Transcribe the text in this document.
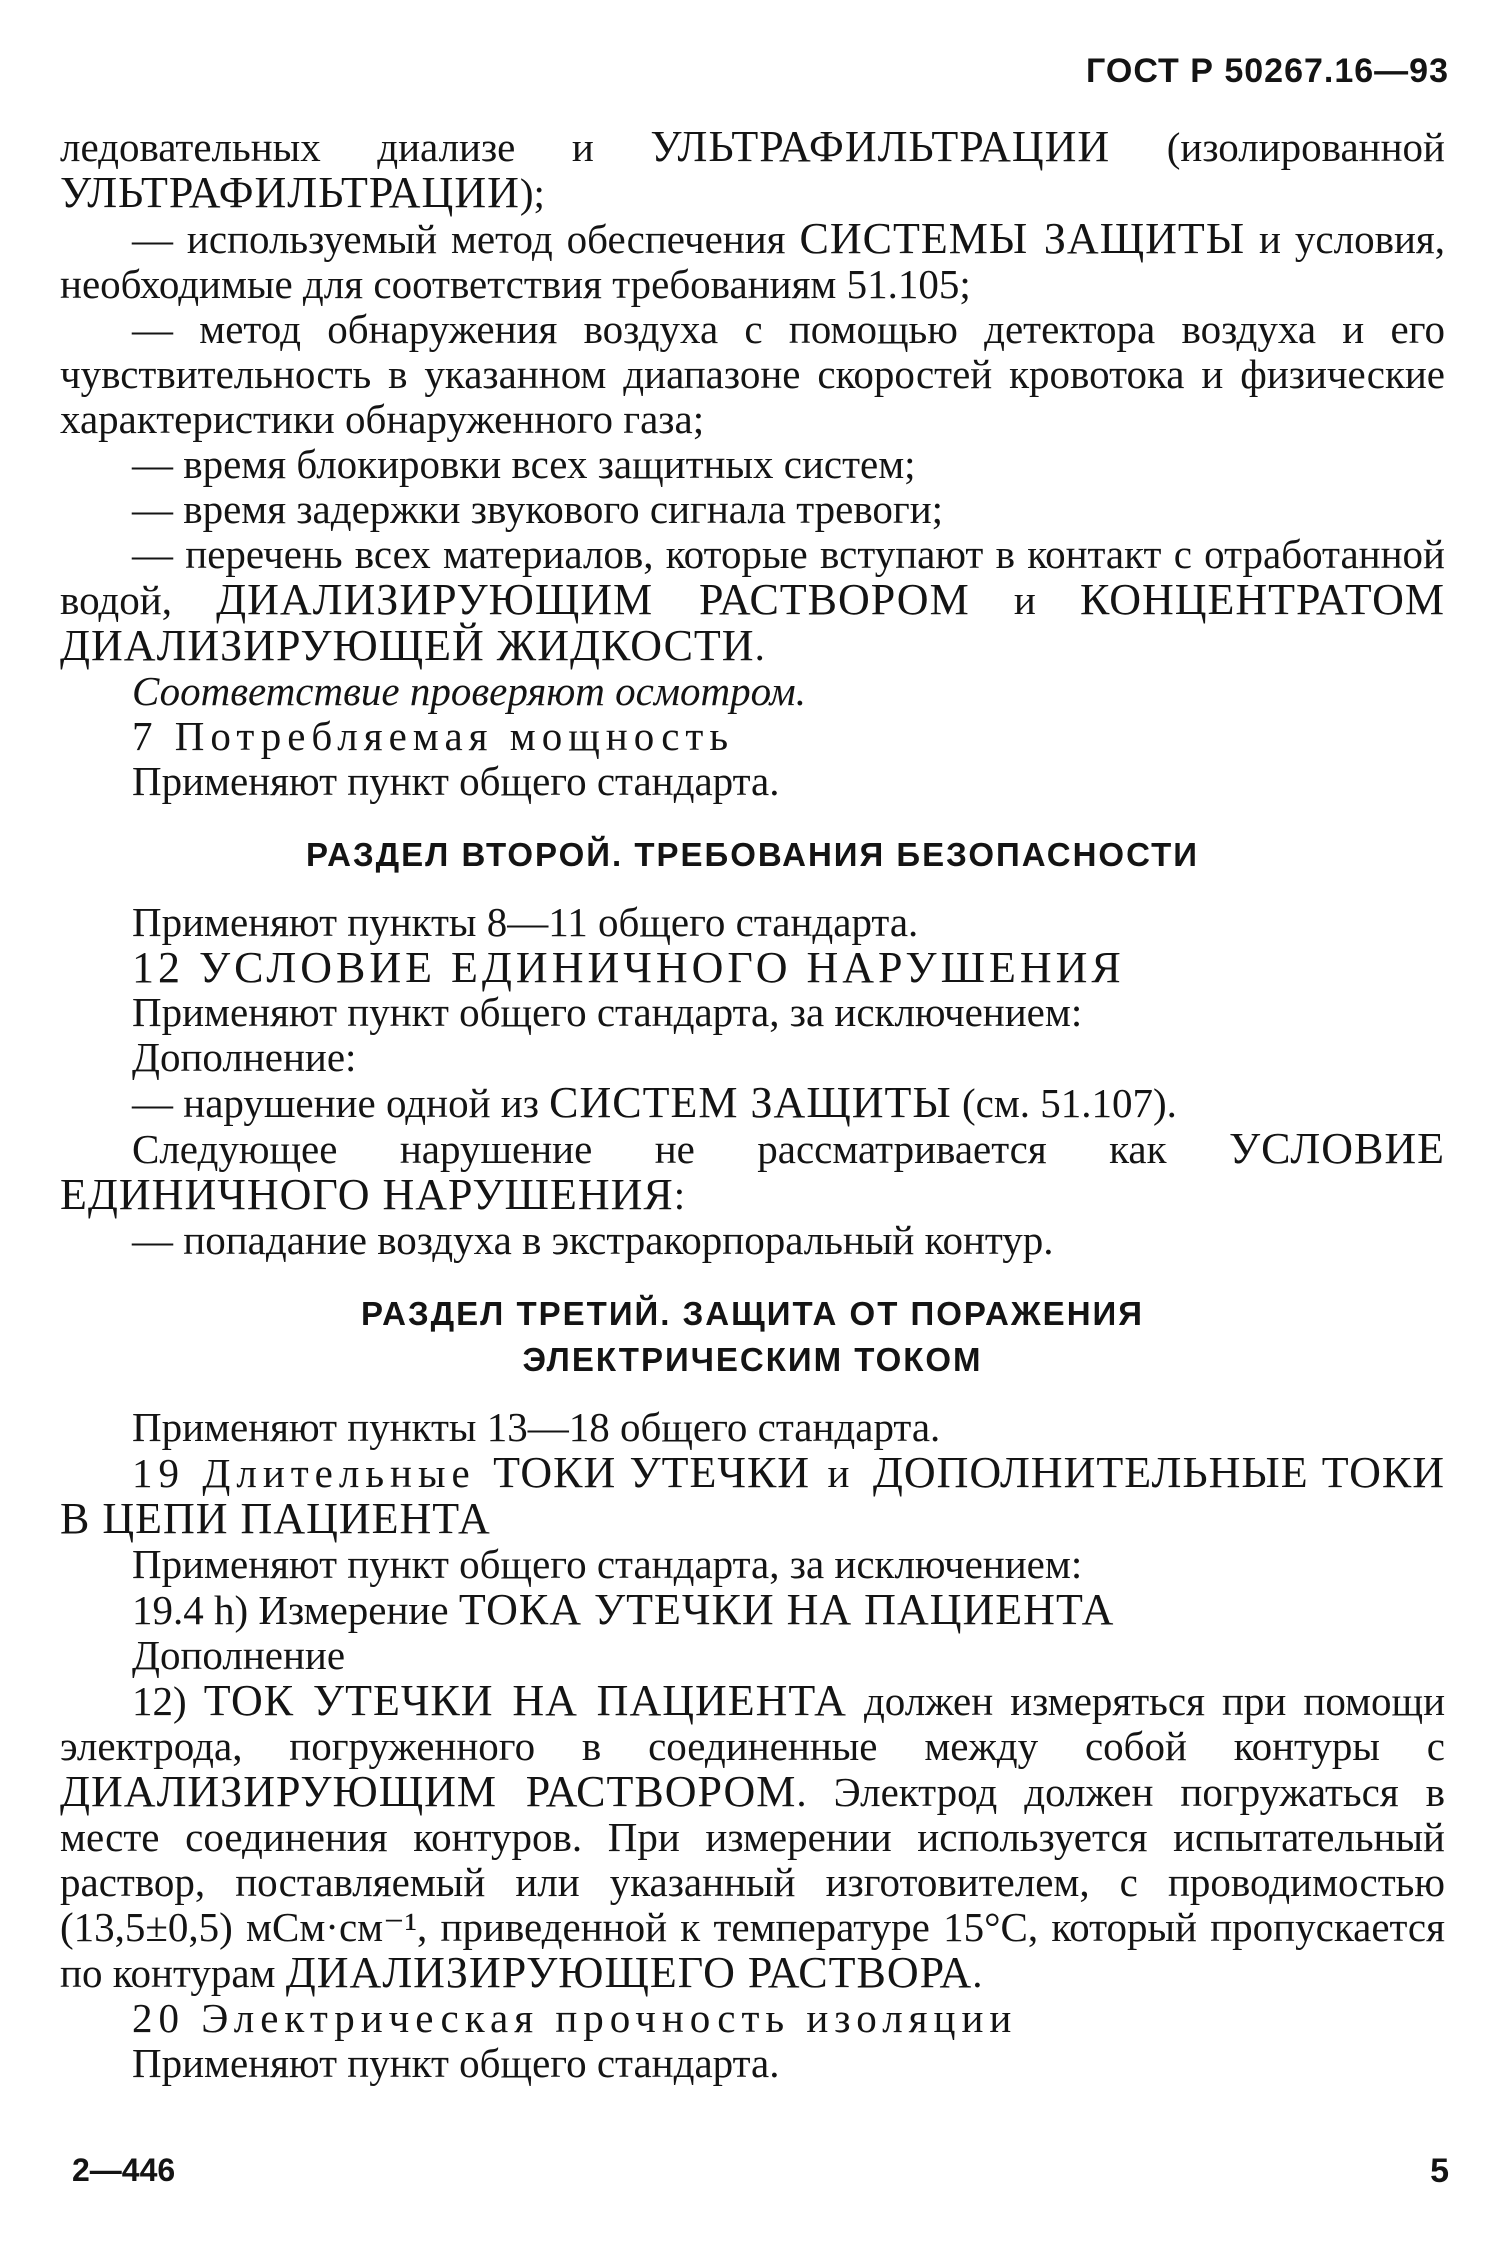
ГОСТ Р 50267.16—93

ледовательных диализе и УЛЬТРАФИЛЬТРАЦИИ (изолированной УЛЬТРАФИЛЬТРАЦИИ);

— используемый метод обеспечения СИСТЕМЫ ЗАЩИТЫ и условия, необходимые для соответствия требованиям 51.105;

— метод обнаружения воздуха с помощью детектора воздуха и его чувствительность в указанном диапазоне скоростей кровотока и физические характеристики обнаруженного газа;

— время блокировки всех защитных систем;

— время задержки звукового сигнала тревоги;

— перечень всех материалов, которые вступают в контакт с отработанной водой, ДИАЛИЗИРУЮЩИМ РАСТВОРОМ и КОНЦЕНТРАТОМ ДИАЛИЗИРУЮЩЕЙ ЖИДКОСТИ.

Соответствие проверяют осмотром.

7 Потребляемая мощность

Применяют пункт общего стандарта.

РАЗДЕЛ ВТОРОЙ. ТРЕБОВАНИЯ БЕЗОПАСНОСТИ

Применяют пункты 8—11 общего стандарта.

12 УСЛОВИЕ ЕДИНИЧНОГО НАРУШЕНИЯ

Применяют пункт общего стандарта, за исключением:

Дополнение:

— нарушение одной из СИСТЕМ ЗАЩИТЫ (см. 51.107).

Следующее нарушение не рассматривается как УСЛОВИЕ ЕДИНИЧНОГО НАРУШЕНИЯ:

— попадание воздуха в экстракорпоральный контур.

РАЗДЕЛ ТРЕТИЙ. ЗАЩИТА ОТ ПОРАЖЕНИЯ
ЭЛЕКТРИЧЕСКИМ ТОКОМ

Применяют пункты 13—18 общего стандарта.

19 Длительные ТОКИ УТЕЧКИ и ДОПОЛНИТЕЛЬНЫЕ ТОКИ В ЦЕПИ ПАЦИЕНТА

Применяют пункт общего стандарта, за исключением:

19.4 h) Измерение ТОКА УТЕЧКИ НА ПАЦИЕНТА

Дополнение

12) ТОК УТЕЧКИ НА ПАЦИЕНТА должен измеряться при помощи электрода, погруженного в соединенные между собой контуры с ДИАЛИЗИРУЮЩИМ РАСТВОРОМ. Электрод должен погружаться в месте соединения контуров. При измерении используется испытательный раствор, поставляемый или указанный изготовителем, с проводимостью (13,5±0,5) мСм·см⁻¹, приведенной к температуре 15°С, который пропускается по контурам ДИАЛИЗИРУЮЩЕГО РАСТВОРА.

20 Электрическая прочность изоляции

Применяют пункт общего стандарта.

2—446	5
